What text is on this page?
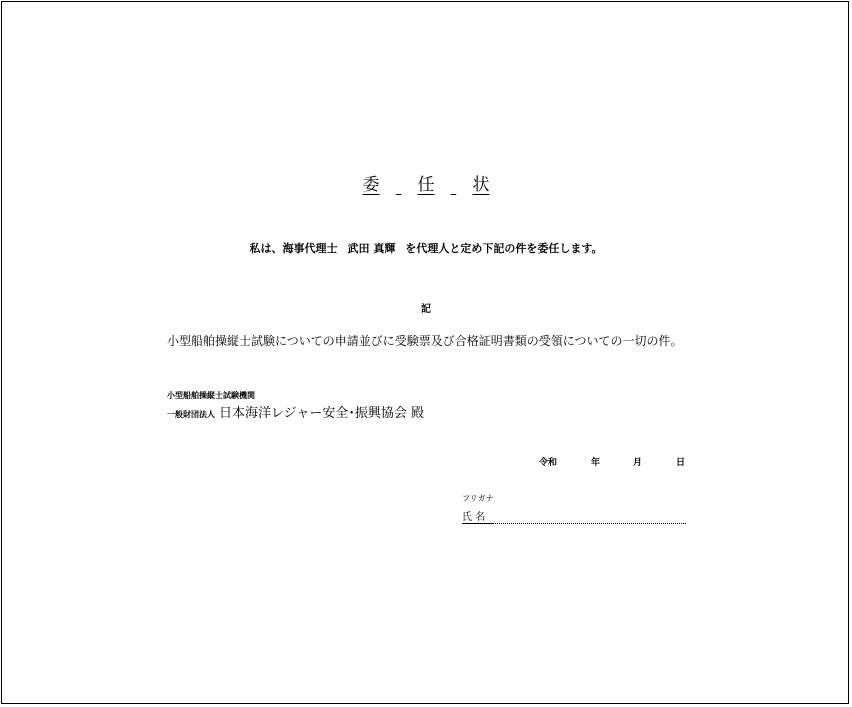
委 任 状
私は、海事代理士 武田 真輝 を代理人と定め下記の件を委任します。
記
小型船舶操縦士試験についての申請並びに受験票及び合格証明書類の受領についての一切の件。
小型船舶操縦士試験機関
一般財団法人 日本海洋レジャー安全･振興協会 殿
令和	年	月	日
フリガナ
氏 名
